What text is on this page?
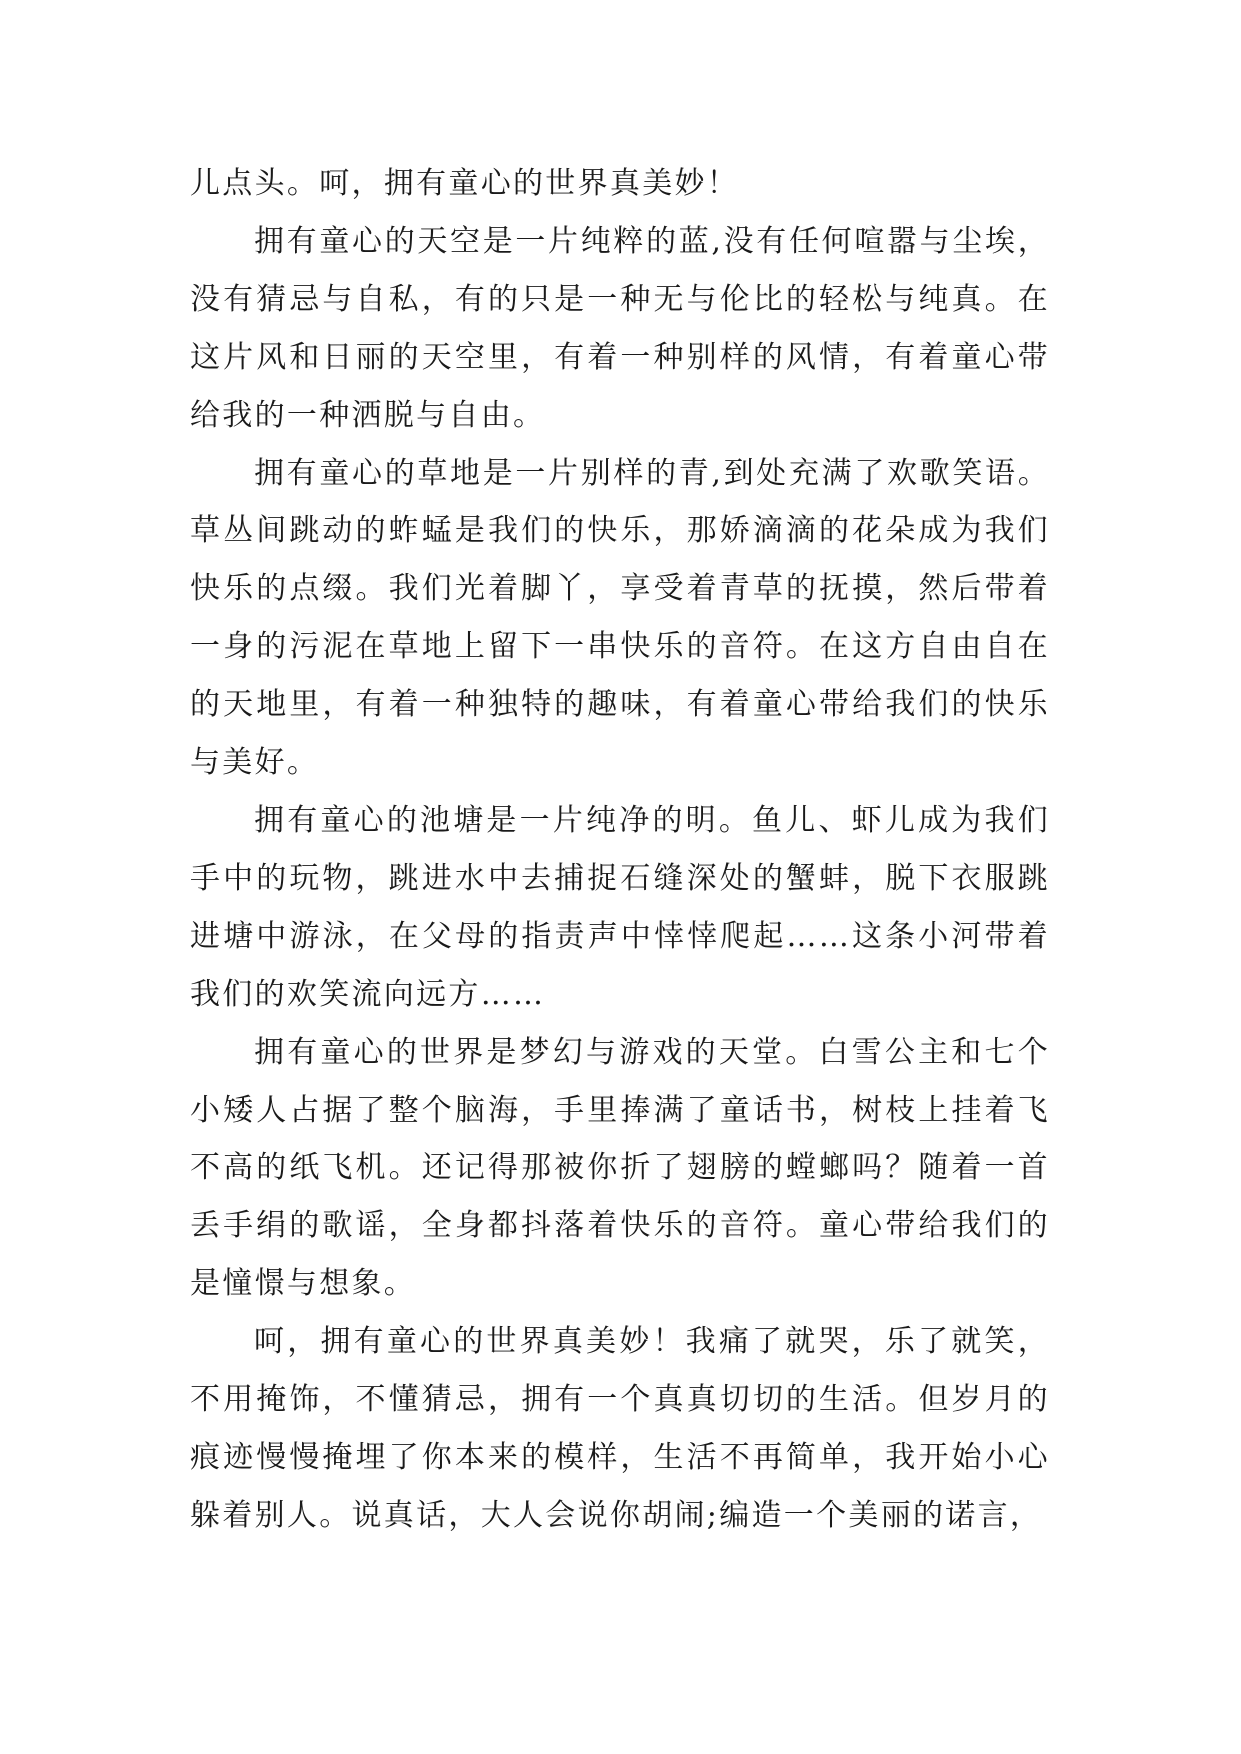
儿点头。呵，拥有童心的世界真美妙！

拥有童心的天空是一片纯粹的蓝,没有任何喧嚣与尘埃，没有猜忌与自私，有的只是一种无与伦比的轻松与纯真。在这片风和日丽的天空里，有着一种别样的风情，有着童心带给我的一种洒脱与自由。

拥有童心的草地是一片别样的青,到处充满了欢歌笑语。草丛间跳动的蚱蜢是我们的快乐，那娇滴滴的花朵成为我们快乐的点缀。我们光着脚丫，享受着青草的抚摸，然后带着一身的污泥在草地上留下一串快乐的音符。在这方自由自在的天地里，有着一种独特的趣味，有着童心带给我们的快乐与美好。

拥有童心的池塘是一片纯净的明。鱼儿、虾儿成为我们手中的玩物，跳进水中去捕捉石缝深处的蟹蚌，脱下衣服跳进塘中游泳，在父母的指责声中悻悻爬起……这条小河带着我们的欢笑流向远方……

拥有童心的世界是梦幻与游戏的天堂。白雪公主和七个小矮人占据了整个脑海，手里捧满了童话书，树枝上挂着飞不高的纸飞机。还记得那被你折了翅膀的螳螂吗？随着一首丢手绢的歌谣，全身都抖落着快乐的音符。童心带给我们的是憧憬与想象。

呵，拥有童心的世界真美妙！我痛了就哭，乐了就笑，不用掩饰，不懂猜忌，拥有一个真真切切的生活。但岁月的痕迹慢慢掩埋了你本来的模样，生活不再简单，我开始小心躲着别人。说真话，大人会说你胡闹;编造一个美丽的诺言，
